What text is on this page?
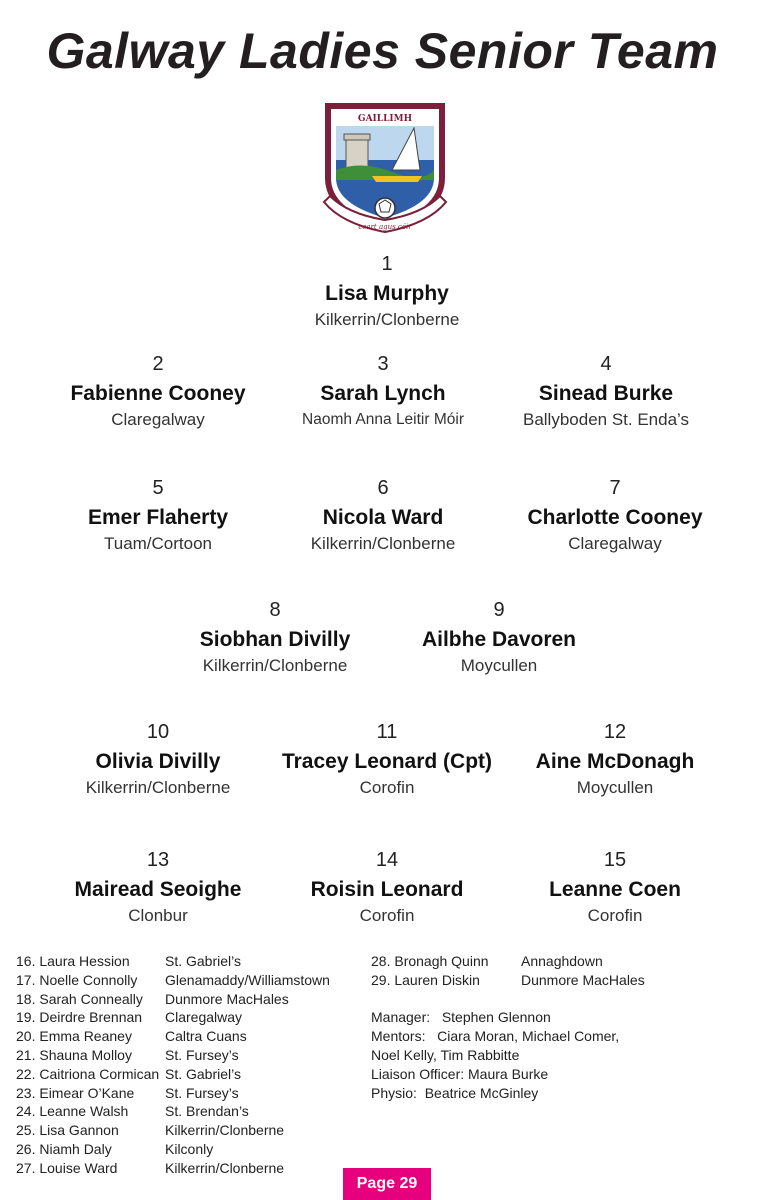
Galway Ladies Senior Team
GAILLIMH
ceart agus cóir
1
Lisa Murphy
Kilkerrin/Clonberne
2
Fabienne Cooney
Claregalway
3
Sarah Lynch
Naomh Anna Leitir Móir
4
Sinead Burke
Ballyboden St. Enda’s
5
Emer Flaherty
Tuam/Cortoon
6
Nicola Ward
Kilkerrin/Clonberne
7
Charlotte Cooney
Claregalway
8
Siobhan Divilly
Kilkerrin/Clonberne
9
Ailbhe Davoren
Moycullen
10
Olivia Divilly
Kilkerrin/Clonberne
11
Tracey Leonard (Cpt)
Corofin
12
Aine McDonagh
Moycullen
13
Mairead Seoighe
Clonbur
14
Roisin Leonard
Corofin
15
Leanne Coen
Corofin
16. Laura Hession	St. Gabriel’s
17. Noelle Connolly	Glenamaddy/Williamstown
18. Sarah Conneally	Dunmore MacHales
19. Deirdre Brennan	Claregalway
20. Emma Reaney	Caltra Cuans
21. Shauna Molloy	St. Fursey’s
22. Caitriona Cormican St. Gabriel’s
23. Eimear O’Kane	St. Fursey’s
24. Leanne Walsh	St. Brendan’s
25. Lisa Gannon	Kilkerrin/Clonberne
26. Niamh Daly	Kilconly
27. Louise Ward	Kilkerrin/Clonberne
28. Bronagh Quinn	Annaghdown
29. Lauren Diskin	Dunmore MacHales
Manager:   Stephen Glennon
Mentors:   Ciara Moran, Michael Comer,
Noel Kelly, Tim Rabbitte
Liaison Officer: Maura Burke
Physio:  Beatrice McGinley
Page 29
